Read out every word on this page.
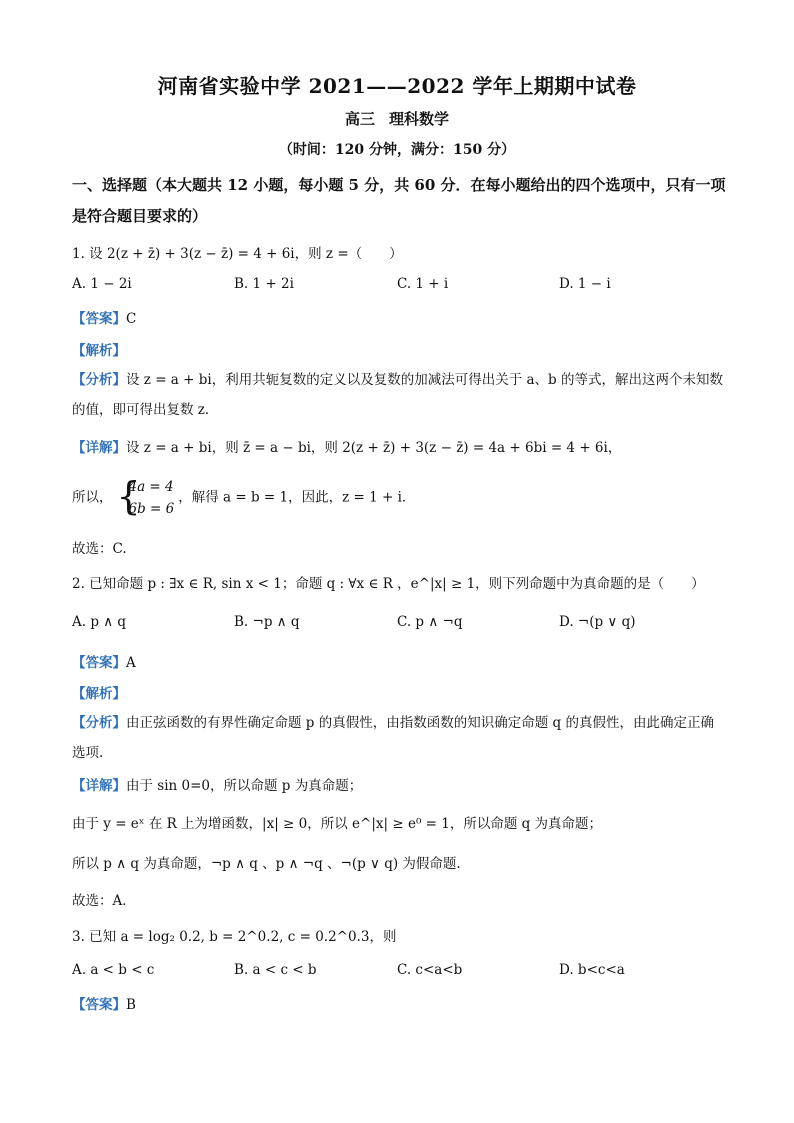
河南省实验中学 2021——2022 学年上期期中试卷
高三 理科数学
（时间：120 分钟，满分：150 分）
一、选择题（本大题共 12 小题，每小题 5 分，共 60 分．在每小题给出的四个选项中，只有一项是符合题目要求的）
1. 设 2(z + z̄) + 3(z − z̄) = 4 + 6i，则 z =（　　）
A. 1 − 2i	B. 1 + 2i	C. 1 + i	D. 1 − i
【答案】C
【解析】
【分析】设 z = a + bi，利用共轭复数的定义以及复数的加减法可得出关于 a、b 的等式，解出这两个未知数的值，即可得出复数 z．
【详解】设 z = a + bi，则 z̄ = a − bi，则 2(z + z̄) + 3(z − z̄) = 4a + 6bi = 4 + 6i，
所以，
{ 4a = 4
6b = 6
，解得 a = b = 1，因此，z = 1 + i．
故选：C.
2. 已知命题 p : ∃x ∈ R, sin x < 1；命题 q : ∀x ∈ R ，e^|x| ≥ 1，则下列命题中为真命题的是（　　）
A. p ∧ q	B. ¬p ∧ q	C. p ∧ ¬q	D. ¬(p ∨ q)
【答案】A
【解析】
【分析】由正弦函数的有界性确定命题 p 的真假性，由指数函数的知识确定命题 q 的真假性，由此确定正确选项.
【详解】由于 sin 0=0，所以命题 p 为真命题；
由于 y = eˣ 在 R 上为增函数，|x| ≥ 0，所以 e^|x| ≥ e⁰ = 1，所以命题 q 为真命题；
所以 p ∧ q 为真命题，¬p ∧ q 、p ∧ ¬q 、¬(p ∨ q) 为假命题.
故选：A．
3. 已知 a = log₂ 0.2, b = 2^0.2, c = 0.2^0.3，则
A. a < b < c	B. a < c < b	C. c<a<b	D. b<c<a
【答案】B
